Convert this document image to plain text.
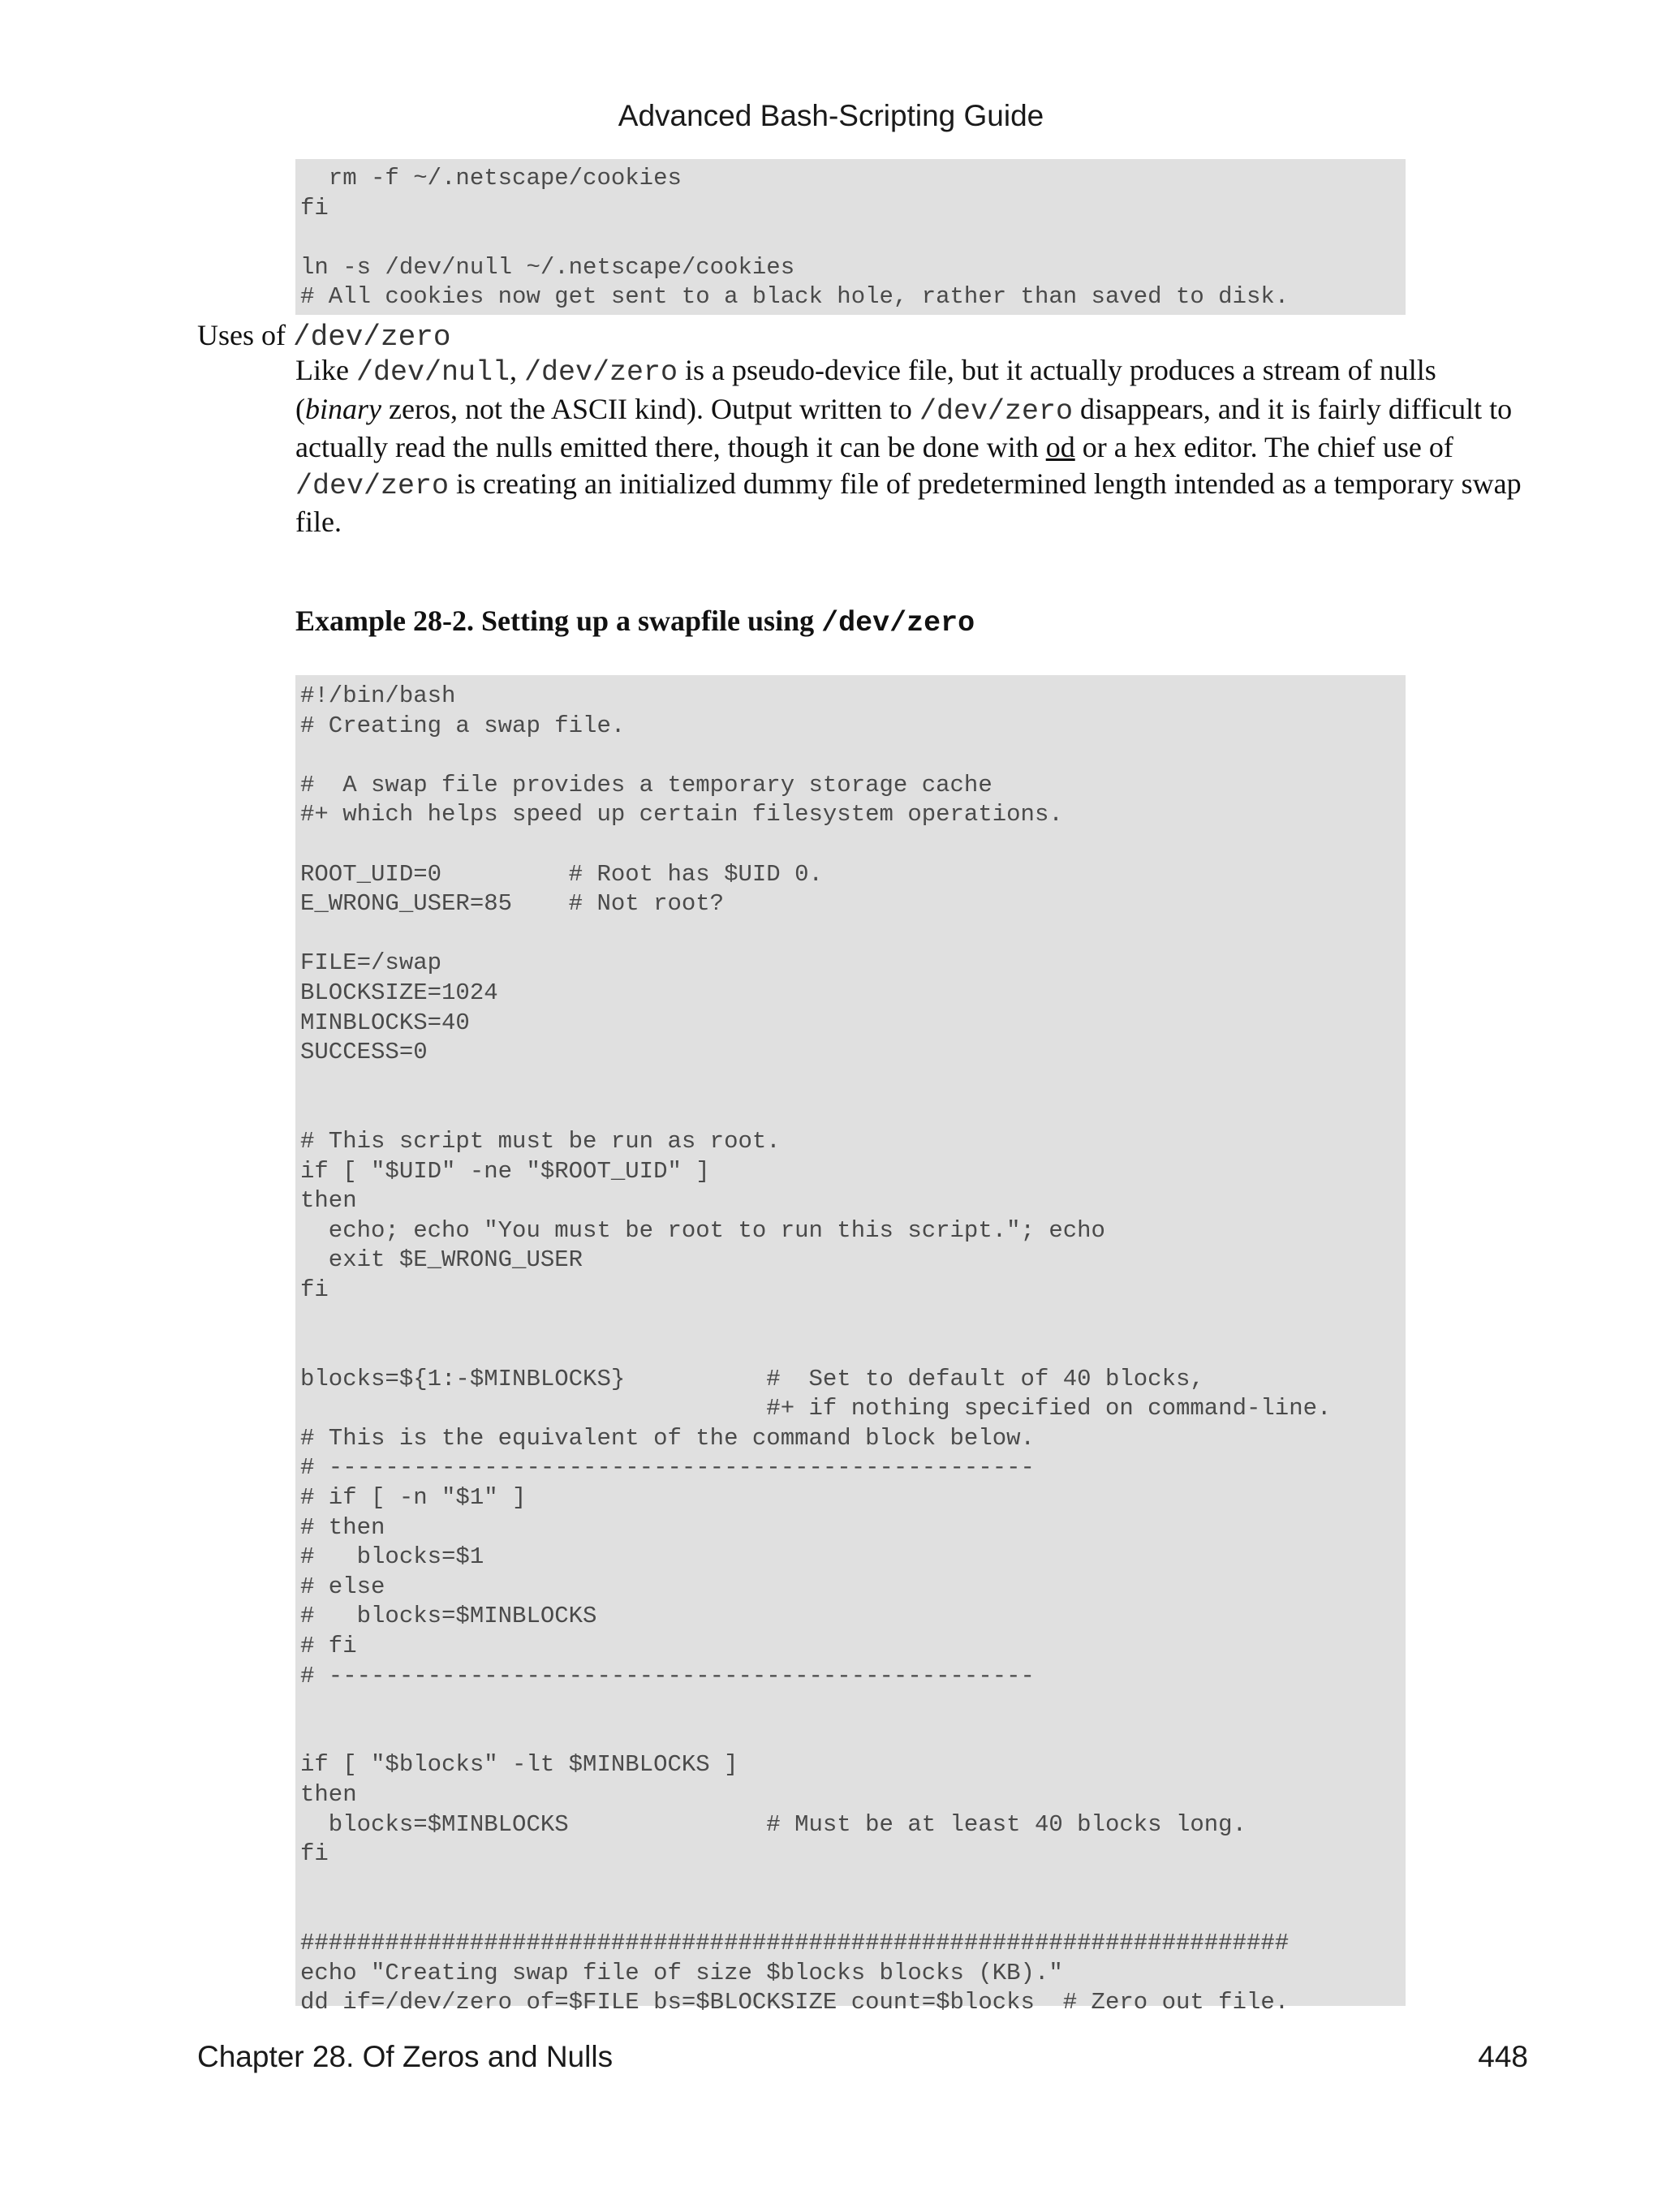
Advanced Bash-Scripting Guide
rm -f ~/.netscape/cookies
fi
ln -s /dev/null ~/.netscape/cookies
# All cookies now get sent to a black hole, rather than saved to disk.
Uses of /dev/zero
Like /dev/null, /dev/zero is a pseudo-device file, but it actually produces a stream of nulls (binary zeros, not the ASCII kind). Output written to /dev/zero disappears, and it is fairly difficult to actually read the nulls emitted there, though it can be done with od or a hex editor. The chief use of /dev/zero is creating an initialized dummy file of predetermined length intended as a temporary swap file.
Example 28-2. Setting up a swapfile using /dev/zero
#!/bin/bash
# Creating a swap file.
#  A swap file provides a temporary storage cache
#+ which helps speed up certain filesystem operations.
ROOT_UID=0         # Root has $UID 0.
E_WRONG_USER=85    # Not root?
FILE=/swap
BLOCKSIZE=1024
MINBLOCKS=40
SUCCESS=0
# This script must be run as root.
if [ "$UID" -ne "$ROOT_UID" ]
then
echo; echo "You must be root to run this script."; echo
exit $E_WRONG_USER
fi
blocks=${1:-$MINBLOCKS}          #  Set to default of 40 blocks,
#+ if nothing specified on command-line.
# This is the equivalent of the command block below.
# --------------------------------------------------
# if [ -n "$1" ]
# then
#   blocks=$1
# else
#   blocks=$MINBLOCKS
# fi
# --------------------------------------------------
if [ "$blocks" -lt $MINBLOCKS ]
then
blocks=$MINBLOCKS              # Must be at least 40 blocks long.
fi
######################################################################
echo "Creating swap file of size $blocks blocks (KB)."
dd if=/dev/zero of=$FILE bs=$BLOCKSIZE count=$blocks  # Zero out file.
Chapter 28. Of Zeros and Nulls	448
